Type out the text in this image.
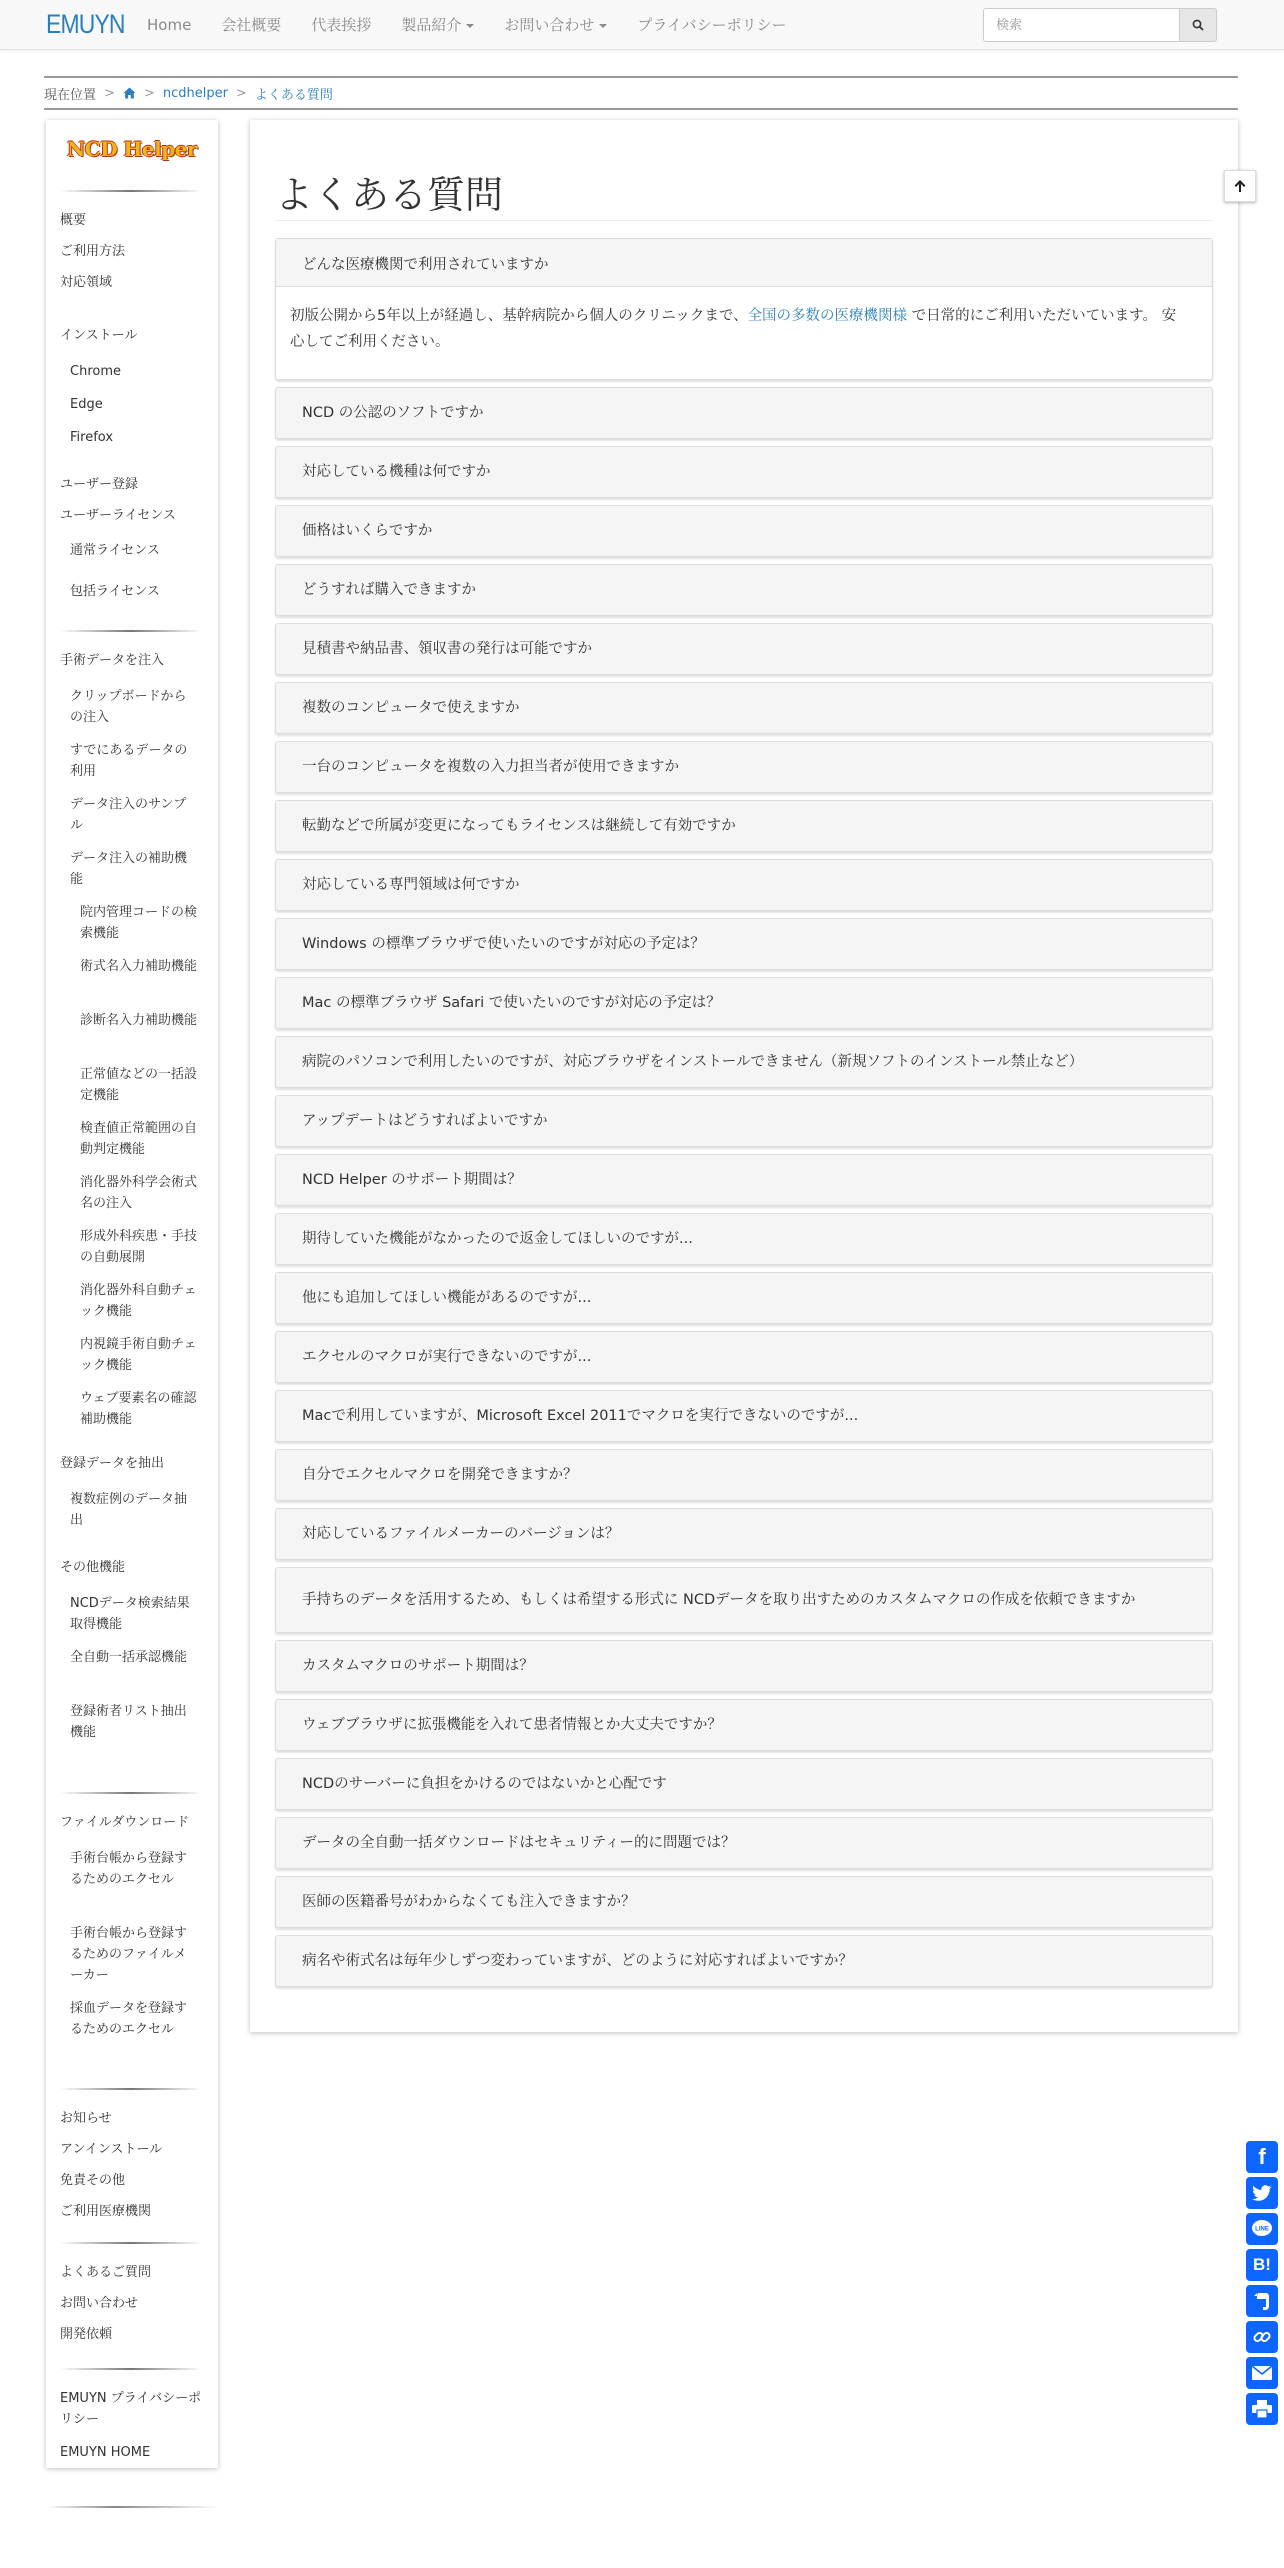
EMUYN	Home	会社概要	代表挨拶	製品紹介	お問い合わせ	プライバシーポリシー
検索
現在位置 > > ncdhelper > よくある質問
NCD Helper
概要
ご利用方法
対応領域
インストール
Chrome
Edge
Firefox
ユーザー登録
ユーザーライセンス
通常ライセンス
包括ライセンス
手術データを注入
クリップボードからの注入
すでにあるデータの利用
データ注入のサンプル
データ注入の補助機能
院内管理コードの検索機能
術式名入力補助機能
診断名入力補助機能
正常値などの一括設定機能
検査値正常範囲の自動判定機能
消化器外科学会術式名の注入
形成外科疾患・手技の自動展開
消化器外科自動チェック機能
内視鏡手術自動チェック機能
ウェブ要素名の確認補助機能
登録データを抽出
複数症例のデータ抽出
その他機能
NCDデータ検索結果取得機能
全自動一括承認機能
登録術者リスト抽出機能
ファイルダウンロード
手術台帳から登録するためのエクセル
手術台帳から登録するためのファイルメーカー
採血データを登録するためのエクセル
お知らせ
アンインストール
免責その他
ご利用医療機関
よくあるご質問
お問い合わせ
開発依頼
EMUYN プライバシーポリシー
EMUYN HOME
よくある質問
どんな医療機関で利用されていますか
初版公開から5年以上が経過し、基幹病院から個人のクリニックまで、全国の多数の医療機関様 で日常的にご利用いただいています。 安心してご利用ください。
NCD の公認のソフトですか
対応している機種は何ですか
価格はいくらですか
どうすれば購入できますか
見積書や納品書、領収書の発行は可能ですか
複数のコンピュータで使えますか
一台のコンピュータを複数の入力担当者が使用できますか
転勤などで所属が変更になってもライセンスは継続して有効ですか
対応している専門領域は何ですか
Windows の標準ブラウザで使いたいのですが対応の予定は？
Mac の標準ブラウザ Safari で使いたいのですが対応の予定は？
病院のパソコンで利用したいのですが、対応ブラウザをインストールできません（新規ソフトのインストール禁止など）
アップデートはどうすればよいですか
NCD Helper のサポート期間は？
期待していた機能がなかったので返金してほしいのですが...
他にも追加してほしい機能があるのですが...
エクセルのマクロが実行できないのですが...
Macで利用していますが、Microsoft Excel 2011でマクロを実行できないのですが...
自分でエクセルマクロを開発できますか？
対応しているファイルメーカーのバージョンは？
手持ちのデータを活用するため、もしくは希望する形式に NCDデータを取り出すためのカスタムマクロの作成を依頼できますか
カスタムマクロのサポート期間は？
ウェブブラウザに拡張機能を入れて患者情報とか大丈夫ですか？
NCDのサーバーに負担をかけるのではないかと心配です
データの全自動一括ダウンロードはセキュリティー的に問題では？
医師の医籍番号がわからなくても注入できますか？
病名や術式名は毎年少しずつ変わっていますが、どのように対応すればよいですか？
f
LINE
B!
